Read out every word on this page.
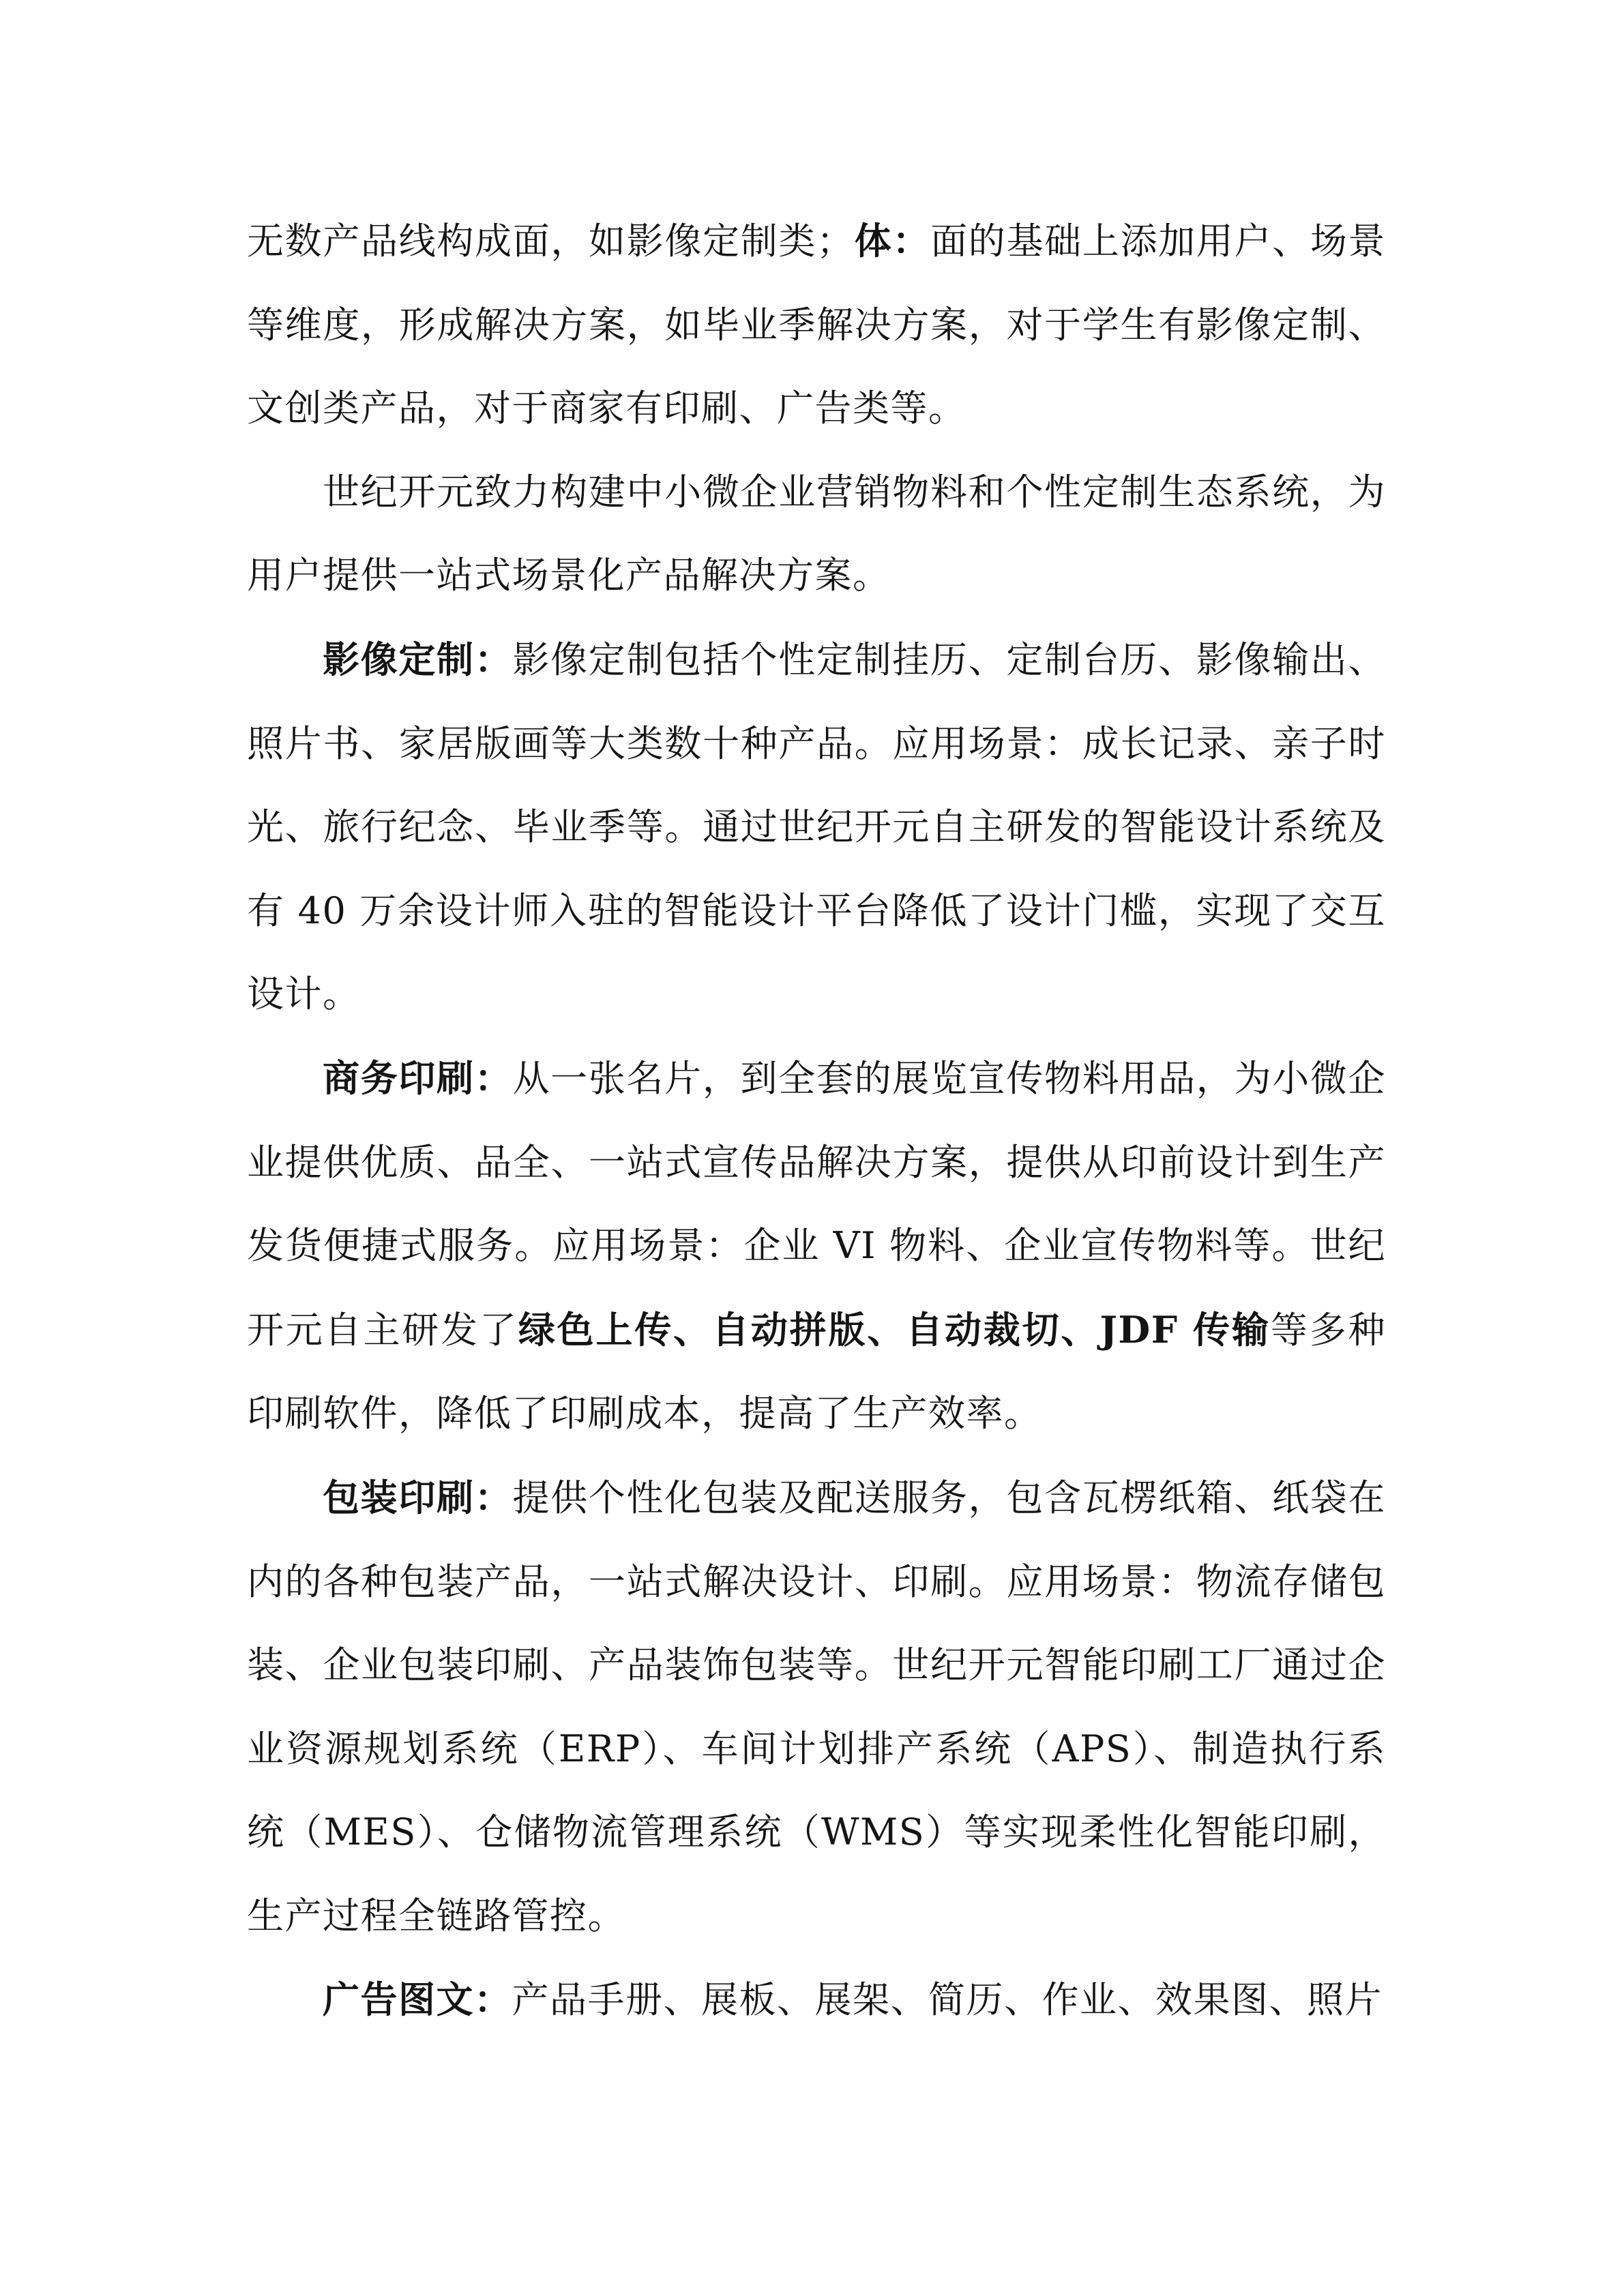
无数产品线构成面，如影像定制类；体：面的基础上添加用户、场景等维度，形成解决方案，如毕业季解决方案，对于学生有影像定制、文创类产品，对于商家有印刷、广告类等。

世纪开元致力构建中小微企业营销物料和个性定制生态系统，为用户提供一站式场景化产品解决方案。

影像定制：影像定制包括个性定制挂历、定制台历、影像输出、照片书、家居版画等大类数十种产品。应用场景：成长记录、亲子时光、旅行纪念、毕业季等。通过世纪开元自主研发的智能设计系统及有 40 万余设计师入驻的智能设计平台降低了设计门槛，实现了交互设计。

商务印刷：从一张名片，到全套的展览宣传物料用品，为小微企业提供优质、品全、一站式宣传品解决方案，提供从印前设计到生产发货便捷式服务。应用场景：企业 VI 物料、企业宣传物料等。世纪开元自主研发了绿色上传、自动拼版、自动裁切、JDF 传输等多种印刷软件，降低了印刷成本，提高了生产效率。

包装印刷：提供个性化包装及配送服务，包含瓦楞纸箱、纸袋在内的各种包装产品，一站式解决设计、印刷。应用场景：物流存储包装、企业包装印刷、产品装饰包装等。世纪开元智能印刷工厂通过企业资源规划系统（ERP）、车间计划排产系统（APS）、制造执行系统（MES）、仓储物流管理系统（WMS）等实现柔性化智能印刷，生产过程全链路管控。

广告图文：产品手册、展板、展架、简历、作业、效果图、照片
